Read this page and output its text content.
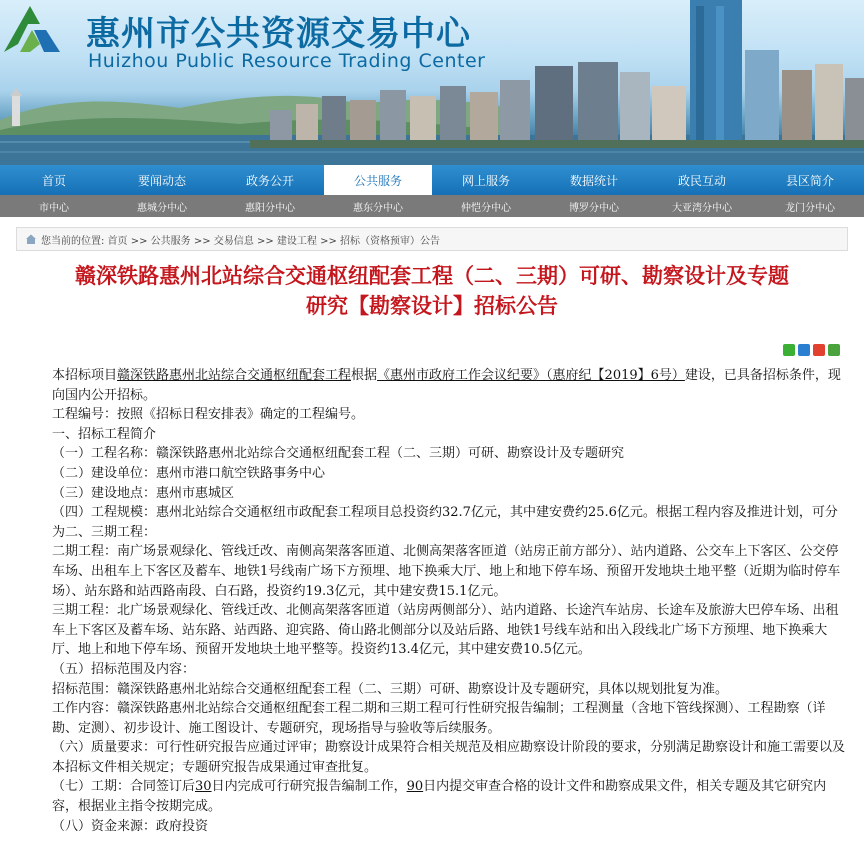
惠州市公共资源交易中心
Huizhou Public Resource Trading Center
首页	要闻动态	政务公开	公共服务	网上服务	数据统计	政民互动	县区简介
市中心	惠城分中心	惠阳分中心	惠东分中心	仲恺分中心	博罗分中心	大亚湾分中心	龙门分中心
您当前的位置: 首页 >> 公共服务 >> 交易信息 >> 建设工程 >> 招标（资格预审）公告
赣深铁路惠州北站综合交通枢纽配套工程（二、三期）可研、勘察设计及专题
研究【勘察设计】招标公告

本招标项目赣深铁路惠州北站综合交通枢纽配套工程根据《惠州市政府工作会议纪要》（惠府纪【2019】6号）建设，已具备招标条件，现向国内公开招标。

工程编号：按照《招标日程安排表》确定的工程编号。

一、招标工程简介

（一）工程名称：赣深铁路惠州北站综合交通枢纽配套工程（二、三期）可研、勘察设计及专题研究

（二）建设单位：惠州市港口航空铁路事务中心

（三）建设地点：惠州市惠城区

（四）工程规模：惠州北站综合交通枢纽市政配套工程项目总投资约32.7亿元，其中建安费约25.6亿元。根据工程内容及推进计划，可分为二、三期工程：

二期工程：南广场景观绿化、管线迁改、南侧高架落客匝道、北侧高架落客匝道（站房正前方部分）、站内道路、公交车上下客区、公交停车场、出租车上下客区及蓄车、地铁1号线南广场下方预埋、地下换乘大厅、地上和地下停车场、预留开发地块土地平整（近期为临时停车场）、站东路和站西路南段、白石路，投资约19.3亿元，其中建安费15.1亿元。

三期工程：北广场景观绿化、管线迁改、北侧高架落客匝道（站房两侧部分）、站内道路、长途汽车站房、长途车及旅游大巴停车场、出租车上下客区及蓄车场、站东路、站西路、迎宾路、倚山路北侧部分以及站后路、地铁1号线车站和出入段线北广场下方预埋、地下换乘大厅、地上和地下停车场、预留开发地块土地平整等。投资约13.4亿元，其中建安费10.5亿元。

（五）招标范围及内容：

招标范围：赣深铁路惠州北站综合交通枢纽配套工程（二、三期）可研、勘察设计及专题研究，具体以规划批复为准。

工作内容：赣深铁路惠州北站综合交通枢纽配套工程二期和三期工程可行性研究报告编制；工程测量（含地下管线探测）、工程勘察（详勘、定测）、初步设计、施工图设计、专题研究，现场指导与验收等后续服务。

（六）质量要求：可行性研究报告应通过评审；勘察设计成果符合相关规范及相应勘察设计阶段的要求，分别满足勘察设计和施工需要以及本招标文件相关规定；专题研究报告成果通过审查批复。

（七）工期：合同签订后30日内完成可行研究报告编制工作，90日内提交审查合格的设计文件和勘察成果文件，相关专题及其它研究内容，根据业主指令按期完成。

（八）资金来源：政府投资
